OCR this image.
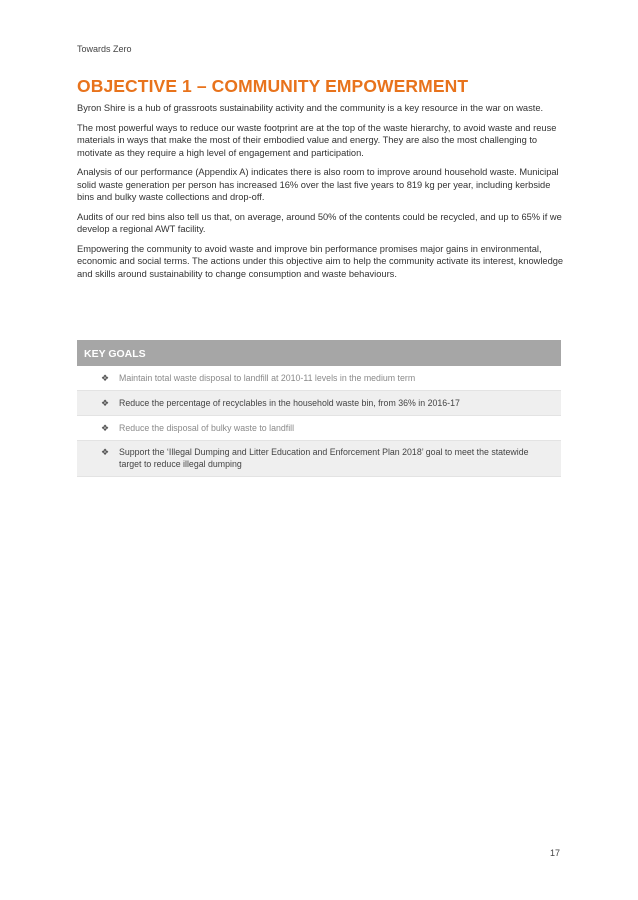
Towards Zero
OBJECTIVE 1 – COMMUNITY EMPOWERMENT

Byron Shire is a hub of grassroots sustainability activity and the community is a key resource in the war on waste.

The most powerful ways to reduce our waste footprint are at the top of the waste hierarchy, to avoid waste and reuse materials in ways that make the most of their embodied value and energy. They are also the most challenging to motivate as they require a high level of engagement and participation.

Analysis of our performance (Appendix A) indicates there is also room to improve around household waste. Municipal solid waste generation per person has increased 16% over the last five years to 819 kg per year, including kerbside bins and bulky waste collections and drop-off.

Audits of our red bins also tell us that, on average, around 50% of the contents could be recycled, and up to 65% if we develop a regional AWT facility.

Empowering the community to avoid waste and improve bin performance promises major gains in environmental, economic and social terms. The actions under this objective aim to help the community activate its interest, knowledge and skills around sustainability to change consumption and waste behaviours.

KEY GOALS
❖	Maintain total waste disposal to landfill at 2010-11 levels in the medium term
❖	Reduce the percentage of recyclables in the household waste bin, from 36% in 2016-17
❖	Reduce the disposal of bulky waste to landfill
❖	Support the ‘Illegal Dumping and Litter Education and Enforcement Plan 2018’ goal to meet the statewide target to reduce illegal dumping
17
